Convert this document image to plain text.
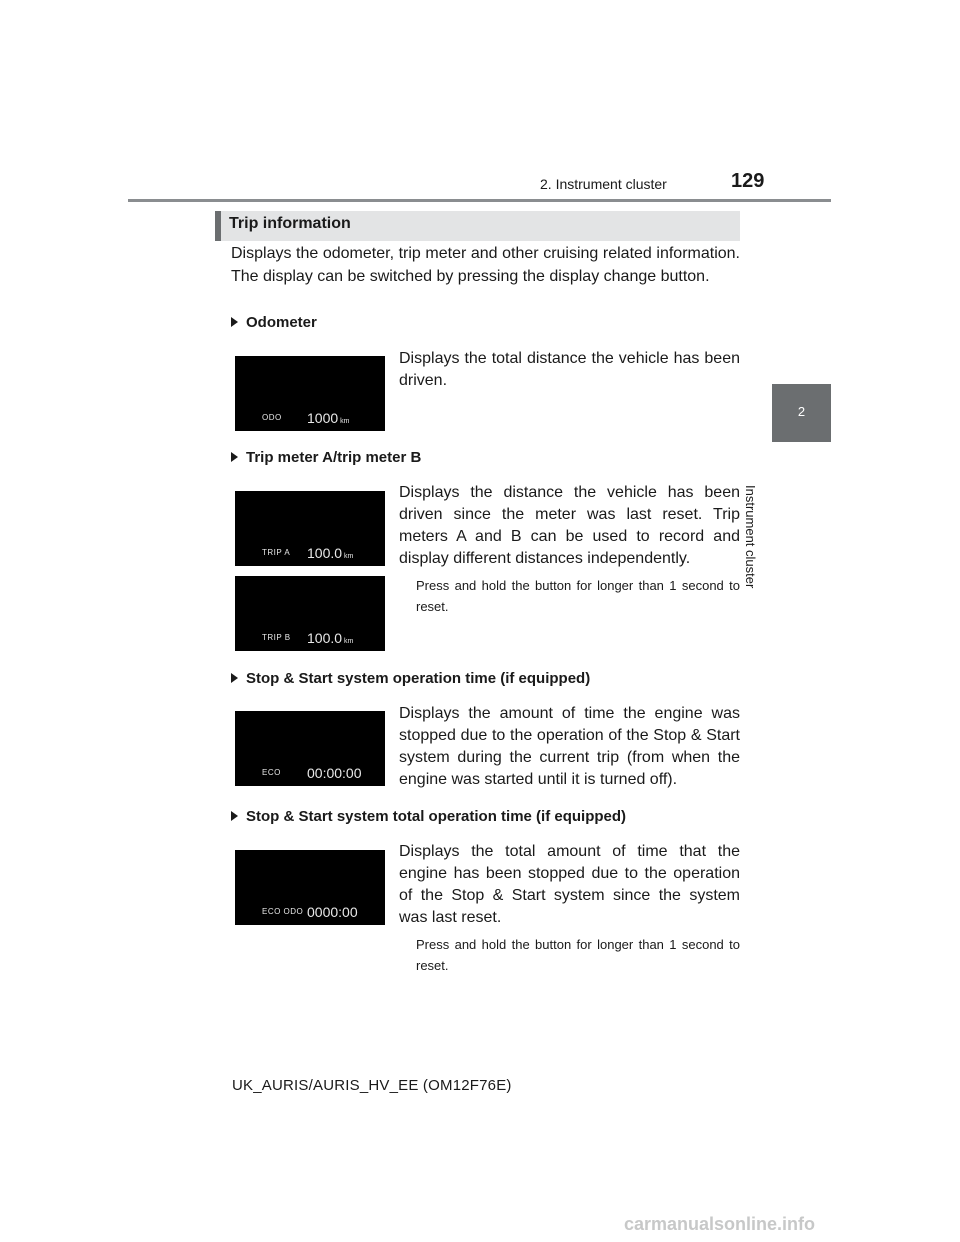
2. Instrument cluster	129
2
Instrument cluster
Trip information
Displays the odometer, trip meter and other cruising related information. The display can be switched by pressing the display change button.
Odometer
ODO 1000 km
Displays the total distance the vehicle has been driven.
Trip meter A/trip meter B
TRIP A 100.0 km
TRIP B 100.0 km
Displays the distance the vehicle has been driven since the meter was last reset. Trip meters A and B can be used to record and display different distances independently.
Press and hold the button for longer than 1 second to reset.
Stop & Start system operation time (if equipped)
ECO 00:00:00
Displays the amount of time the engine was stopped due to the operation of the Stop & Start system during the current trip (from when the engine was started until it is turned off).
Stop & Start system total operation time (if equipped)
ECO ODO 0000:00
Displays the total amount of time that the engine has been stopped due to the operation of the Stop & Start system since the system was last reset.
Press and hold the button for longer than 1 second to reset.
UK_AURIS/AURIS_HV_EE (OM12F76E)
carmanualsonline.info
